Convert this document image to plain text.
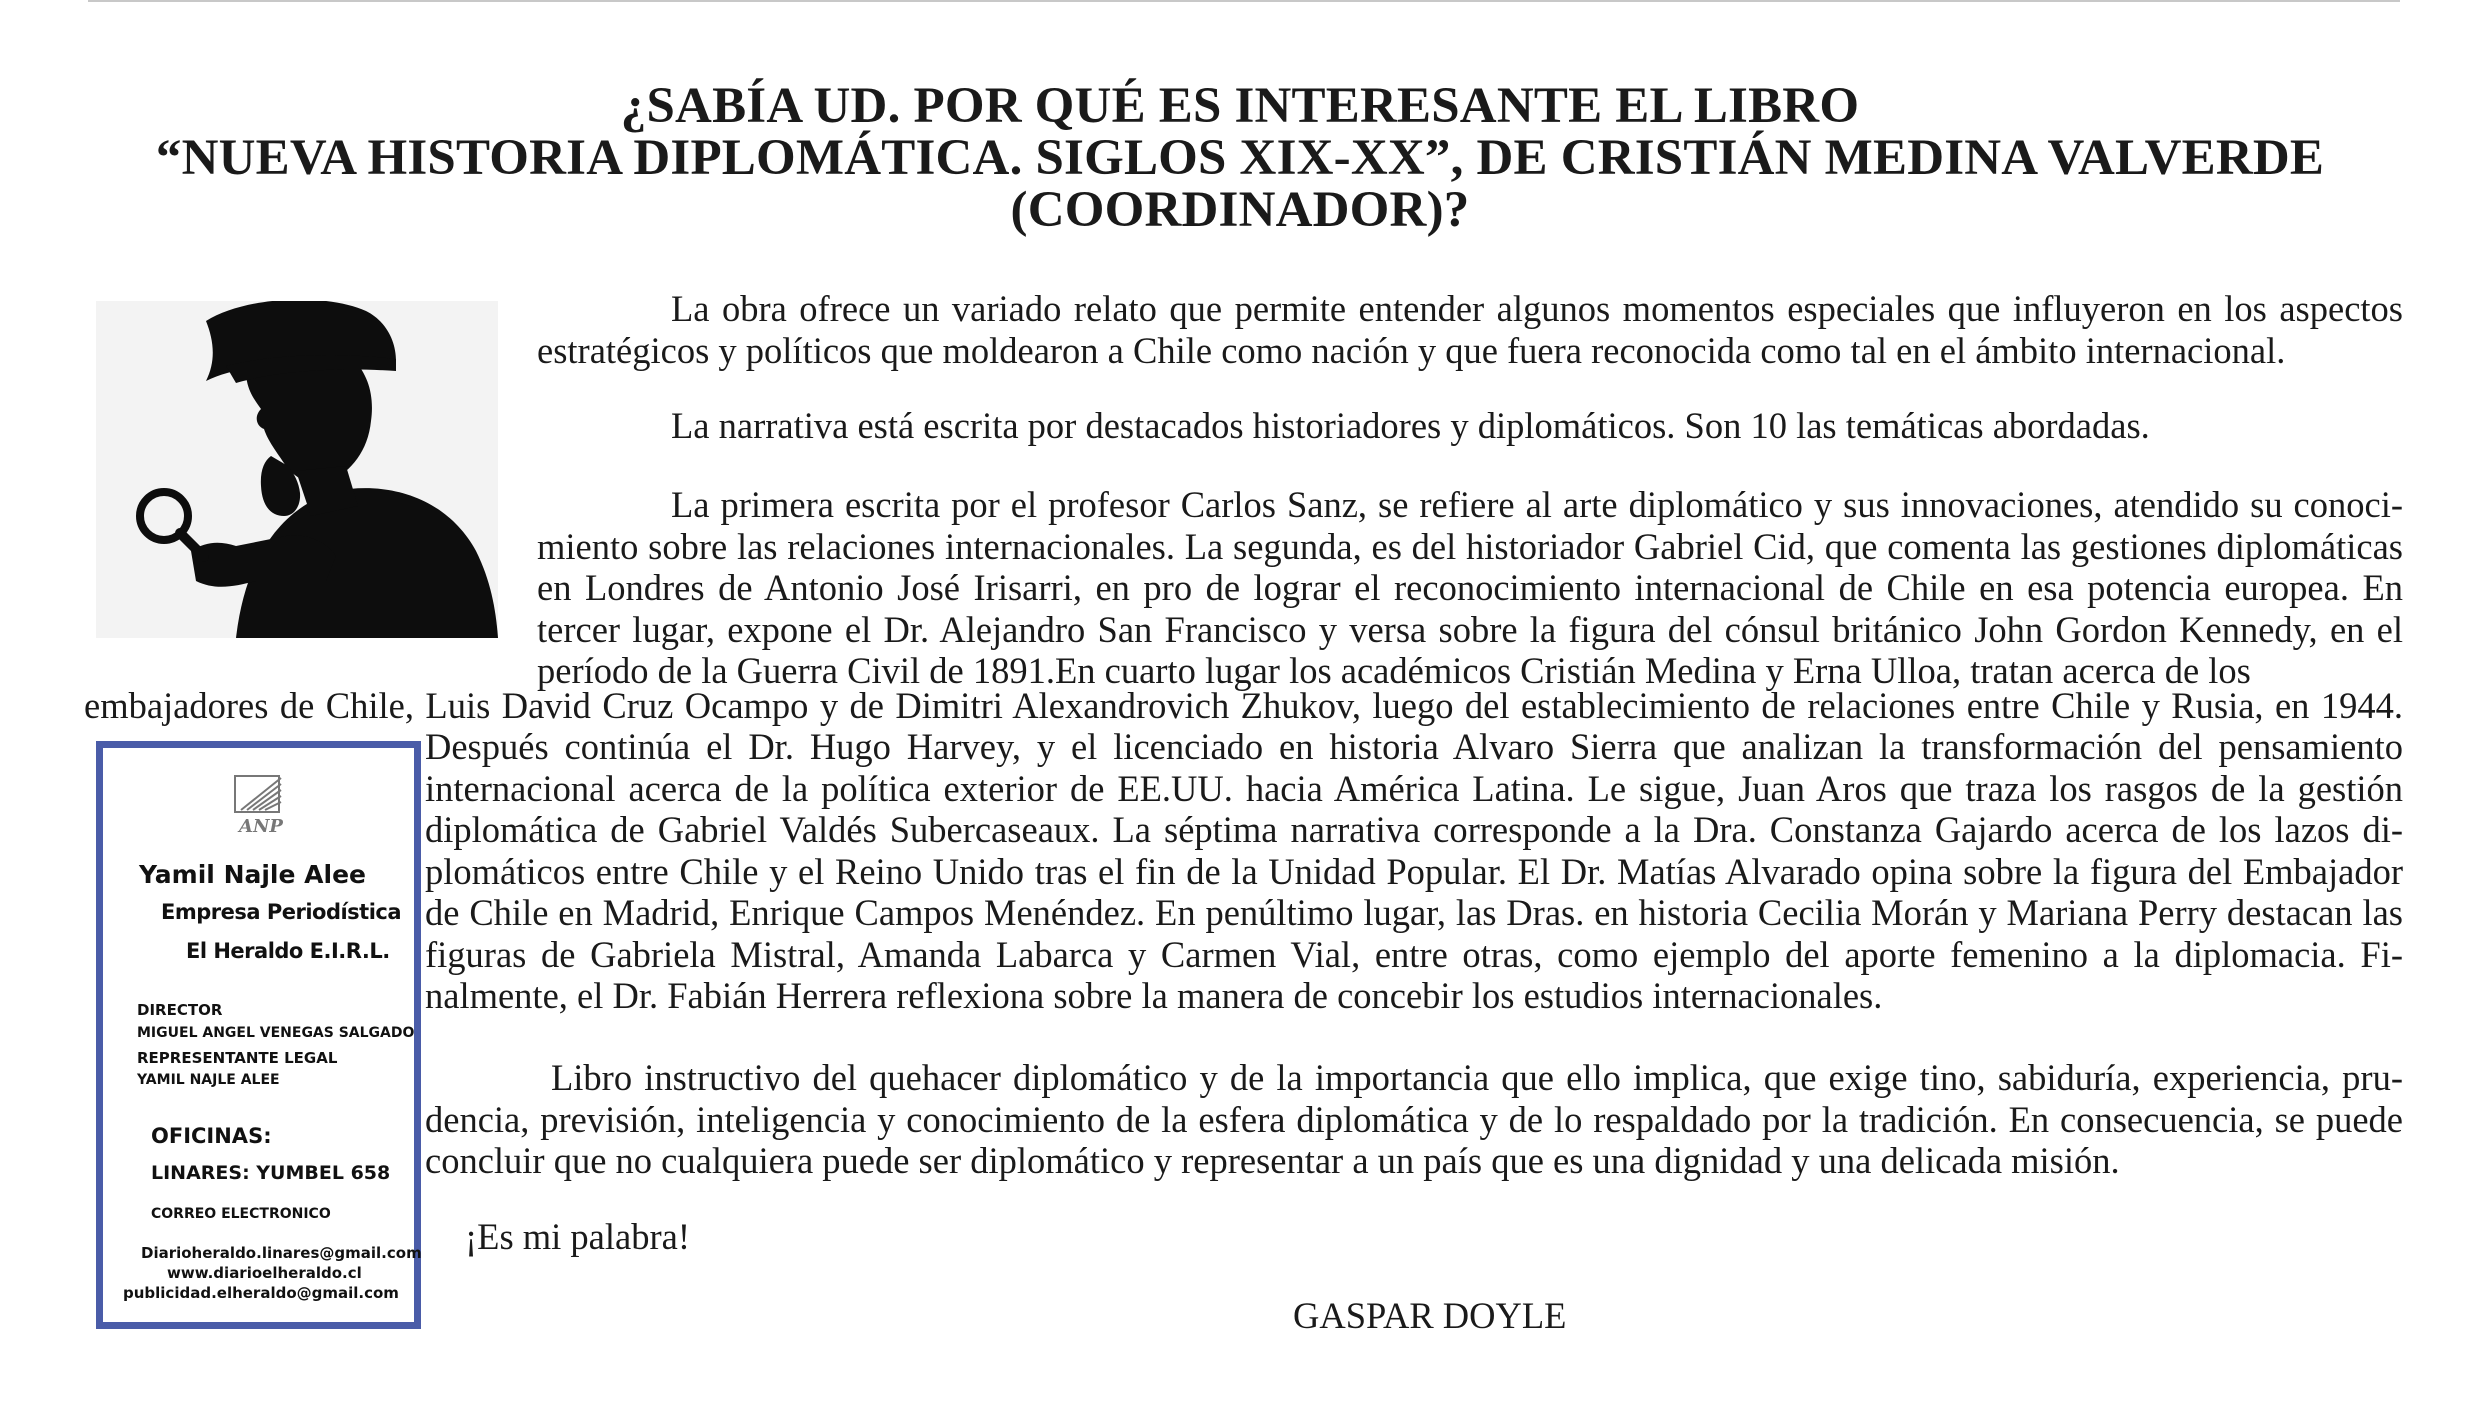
¿SABÍA UD. POR QUÉ ES INTERESANTE EL LIBRO
“NUEVA HISTORIA DIPLOMÁTICA. SIGLOS XIX-XX”, DE CRISTIÁN MEDINA VALVERDE
(COORDINADOR)?
La obra ofrece un variado relato que permite entender algunos momentos especiales que influyeron en los aspectos estratégicos y políticos que moldearon a Chile como nación y que fuera reconocida como tal en el ámbito internacional.
La narrativa está escrita por destacados historiadores y diplomáticos. Son 10 las temáticas abordadas.
La primera escrita por el profesor Carlos Sanz, se refiere al arte diplomático y sus innovaciones, atendido su conocimiento sobre las relaciones internacionales. La segunda, es del historiador Gabriel Cid, que comenta las gestiones diplomáticas en Londres de Antonio José Irisarri, en pro de lograr el reconocimiento internacional de Chile en esa potencia europea. En tercer lugar, expone el Dr. Alejandro San Francisco y versa sobre la figura del cónsul británico John Gordon Kennedy, en el período de la Guerra Civil de 1891.En cuarto lugar los académicos Cristián Medina y Erna Ulloa, tratan acerca de los
embajadores de Chile, Luis David Cruz Ocampo y de Dimitri Alexandrovich Zhukov, luego del establecimiento de relaciones entre Chile y Rusia, en 1944.
Después continúa el Dr. Hugo Harvey, y el licenciado en historia Alvaro Sierra que analizan la transformación del pensamiento internacional acerca de la política exterior de EE.UU. hacia América Latina. Le sigue, Juan Aros que traza los rasgos de la gestión diplomática de Gabriel Valdés Subercaseaux. La séptima narrativa corresponde a la Dra. Constanza Gajardo acerca de los lazos diplomáticos entre Chile y el Reino Unido tras el fin de la Unidad Popular. El Dr. Matías Alvarado opina sobre la figura del Embajador de Chile en Madrid, Enrique Campos Menéndez. En penúltimo lugar, las Dras. en historia Cecilia Morán y Mariana Perry destacan las figuras de Gabriela Mistral, Amanda Labarca y Carmen Vial, entre otras, como ejemplo del aporte femenino a la diplomacia. Finalmente, el Dr. Fabián Herrera reflexiona sobre la manera de concebir los estudios internacionales.
Libro instructivo del quehacer diplomático y de la importancia que ello implica, que exige tino, sabiduría, experiencia, prudencia, previsión, inteligencia y conocimiento de la esfera diplomática y de lo respaldado por la tradición. En consecuencia, se puede concluir que no cualquiera puede ser diplomático y representar a un país que es una dignidad y una delicada misión.
¡Es mi palabra!
GASPAR DOYLE
ANP
Yamil Najle Alee
Empresa Periodística
El Heraldo E.I.R.L.
DIRECTOR
MIGUEL ANGEL VENEGAS SALGADO
REPRESENTANTE LEGAL
YAMIL NAJLE ALEE
OFICINAS:
LINARES: YUMBEL 658
CORREO ELECTRONICO
Diarioheraldo.linares@gmail.com
www.diarioelheraldo.cl
publicidad.elheraldo@gmail.com
